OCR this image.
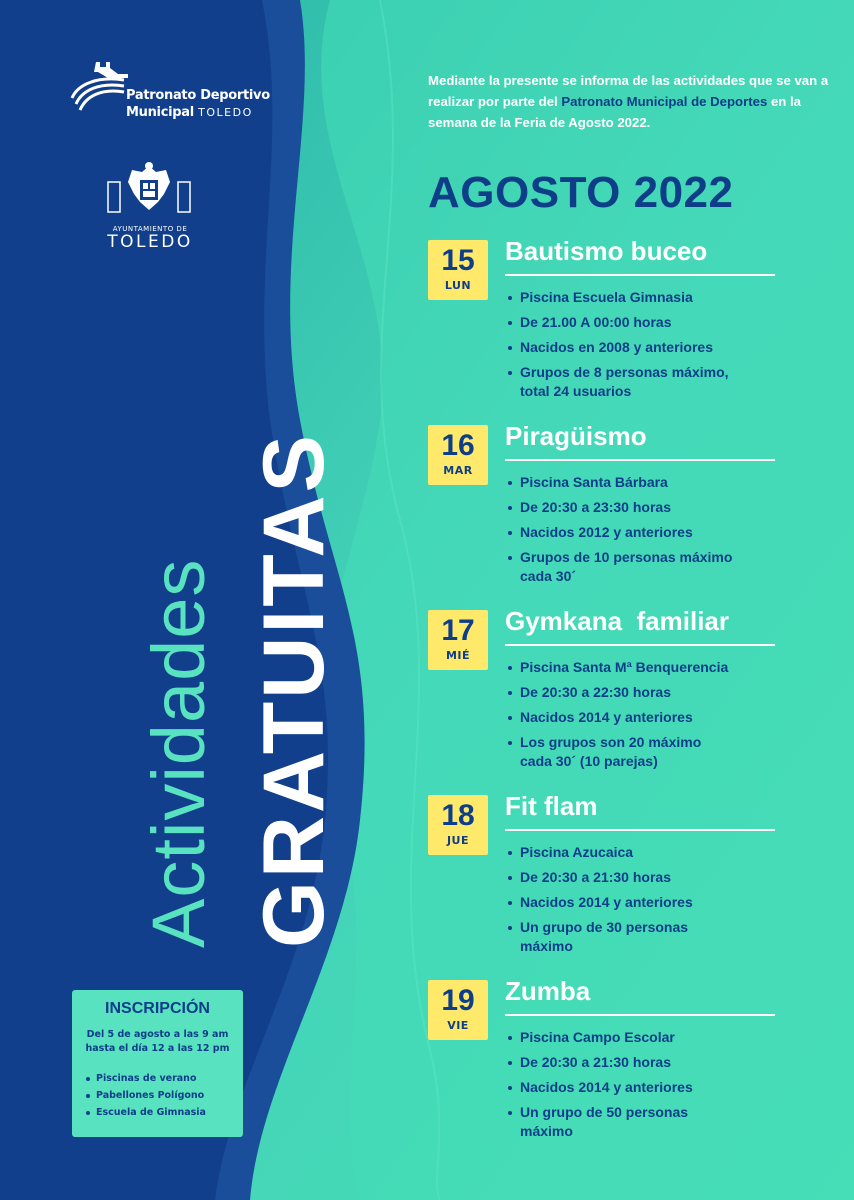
Patronato Deportivo
Municipal TOLEDO
AYUNTAMIENTO DE
TOLEDO
Actividades GRATUITAS
INSCRIPCIÓN
Del 5 de agosto a las 9 am
hasta el día 12 a las 12 pm
Piscinas de verano
Pabellones Polígono
Escuela de Gimnasia
Mediante la presente se informa de las actividades que se van a realizar por parte del Patronato Municipal de Deportes en la semana de la Feria de Agosto 2022.
AGOSTO 2022
15
LUN
Bautismo buceo
Piscina Escuela Gimnasia
De 21.00 A 00:00 horas
Nacidos en 2008 y anteriores
Grupos de 8 personas máximo,
total 24 usuarios
16
MAR
Piragüismo
Piscina Santa Bárbara
De 20:30 a 23:30 horas
Nacidos 2012 y anteriores
Grupos de 10 personas máximo
cada 30´
17
MIÉ
Gymkana  familiar
Piscina Santa Mª Benquerencia
De 20:30 a 22:30 horas
Nacidos 2014 y anteriores
Los grupos son 20 máximo
cada 30´ (10 parejas)
18
JUE
Fit flam
Piscina Azucaica
De 20:30 a 21:30 horas
Nacidos 2014 y anteriores
Un grupo de 30 personas
máximo
19
VIE
Zumba
Piscina Campo Escolar
De 20:30 a 21:30 horas
Nacidos 2014 y anteriores
Un grupo de 50 personas
máximo
